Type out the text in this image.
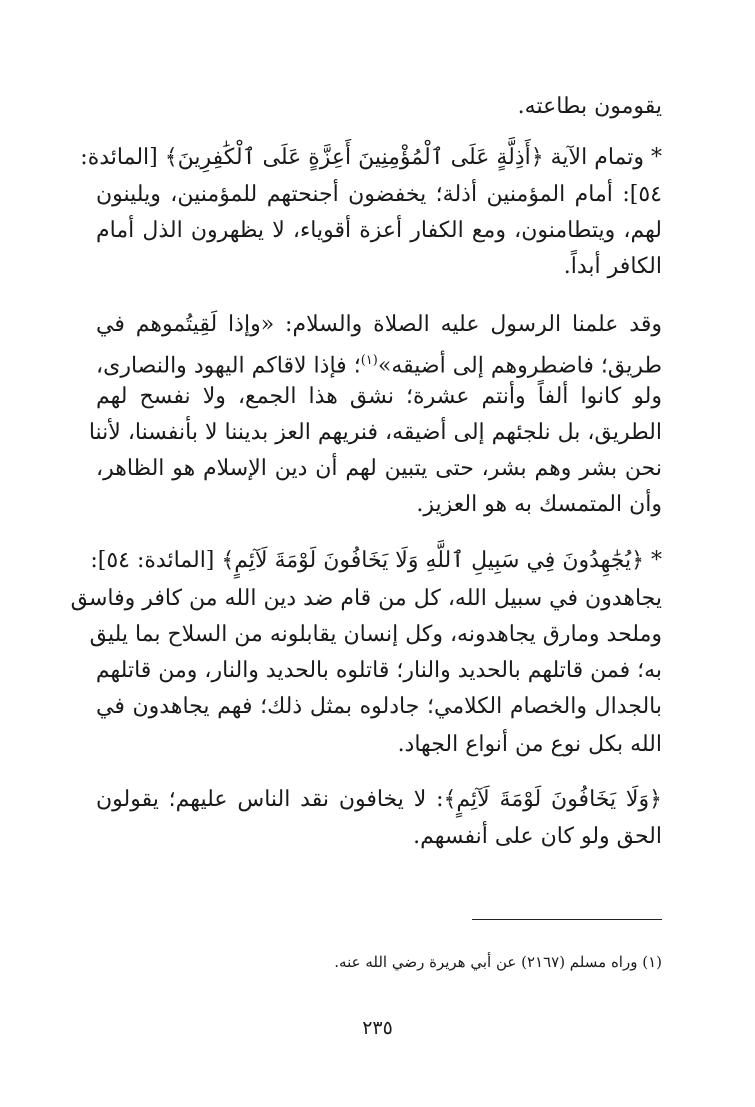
يقومون بطاعته.
* وتمام الآية ﴿أَذِلَّةٍ عَلَى ٱلْمُؤْمِنِينَ أَعِزَّةٍ عَلَى ٱلْكَٰفِرِينَ﴾ [المائدة:
٥٤]: أمام المؤمنين أذلة؛ يخفضون أجنحتهم للمؤمنين، ويلينون
لهم، ويتطامنون، ومع الكفار أعزة أقوياء، لا يظهرون الذل أمام
الكافر أبداً.
وقد علمنا الرسول عليه الصلاة والسلام: «وإذا لَقِيتُموهم في
طريق؛ فاضطروهم إلى أضيقه»$^{(١)}$؛ فإذا لاقاكم اليهود والنصارى،
ولو كانوا ألفاً وأنتم عشرة؛ نشق هذا الجمع، ولا نفسح لهم
الطريق، بل نلجئهم إلى أضيقه، فنريهم العز بديننا لا بأنفسنا، لأننا
نحن بشر وهم بشر، حتى يتبين لهم أن دين الإسلام هو الظاهر،
وأن المتمسك به هو العزيز.
* ﴿يُجَٰهِدُونَ فِي سَبِيلِ ٱللَّهِ وَلَا يَخَافُونَ لَوْمَةَ لَآئِمٍ﴾ [المائدة: ٥٤]:
يجاهدون في سبيل الله، كل من قام ضد دين الله من كافر وفاسق
وملحد ومارق يجاهدونه، وكل إنسان يقابلونه من السلاح بما يليق
به؛ فمن قاتلهم بالحديد والنار؛ قاتلوه بالحديد والنار، ومن قاتلهم
بالجدال والخصام الكلامي؛ جادلوه بمثل ذلك؛ فهم يجاهدون في
الله بكل نوع من أنواع الجهاد.
﴿وَلَا يَخَافُونَ لَوْمَةَ لَآئِمٍ﴾: لا يخافون نقد الناس عليهم؛ يقولون
الحق ولو كان على أنفسهم.
(١) وراه مسلم (٢١٦٧) عن أبي هريرة رضي الله عنه.
٢٣٥
